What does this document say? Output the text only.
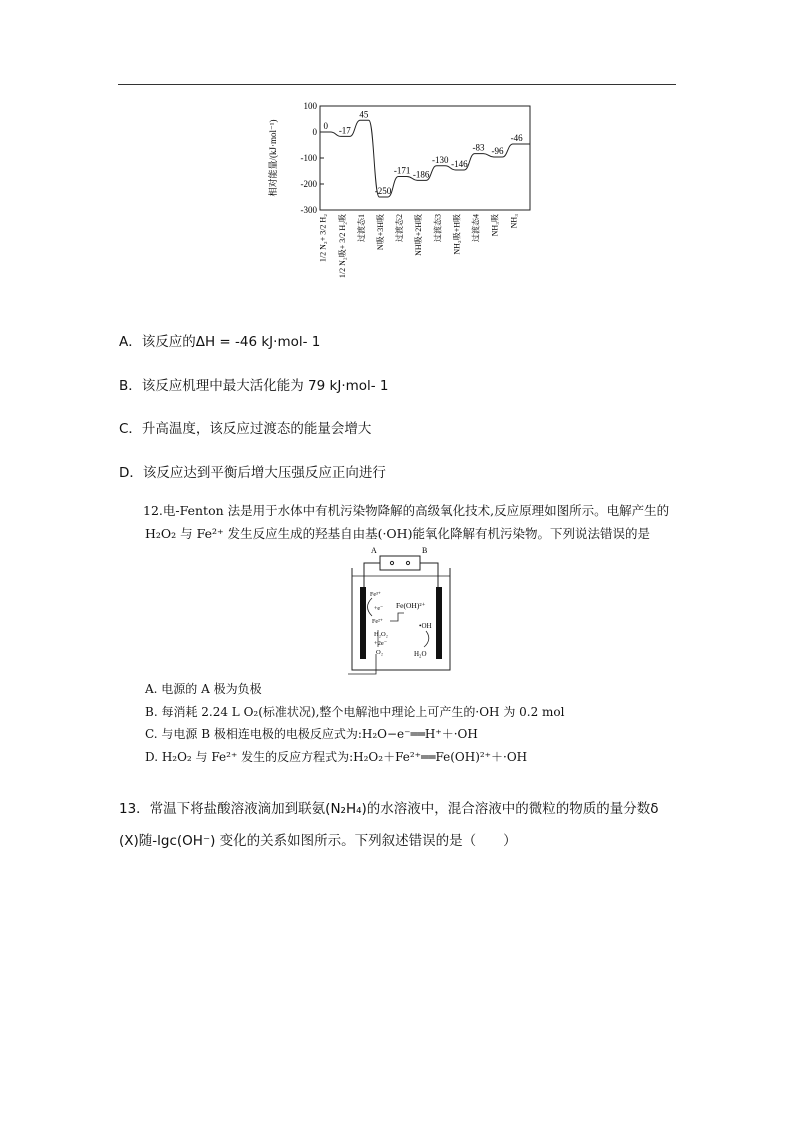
相对能量/(kJ·mol⁻¹)
100
0
-100
-200
-300
0 -17
45
-250
-171 -186
-130 -146
-83 -96
-46
1/2 N₂+ 3/2 H₂ 1/2 N₂吸+ 3/2 H₂吸 过渡态1 N吸+3H吸 过渡态2 NH吸+2H吸 过渡态3 NH₂吸+H吸 过渡态4 NH₃吸 NH₃
A．该反应的ΔH = -46 kJ·mol- 1
B．该反应机理中最大活化能为 79 kJ·mol- 1
C．升高温度，该反应过渡态的能量会增大
D．该反应达到平衡后增大压强反应正向进行
12.电-Fenton 法是用于水体中有机污染物降解的高级氧化技术,反应原理如图所示。电解产生的
H₂O₂ 与 Fe²⁺ 发生反应生成的羟基自由基(·OH)能氧化降解有机污染物。下列说法错误的是
A	B
Fe³⁺
+e⁻
Fe²⁺
Fe(OH)²⁺
•OH
H₂O₂
+2e⁻
O₂	H₂O
A. 电源的 A 极为负极
B. 每消耗 2.24 L O₂(标准状况),整个电解池中理论上可产生的·OH 为 0.2 mol
C. 与电源 B 极相连电极的电极反应式为:H₂O−e⁻══H⁺＋·OH
D. H₂O₂ 与 Fe²⁺ 发生的反应方程式为:H₂O₂＋Fe²⁺══Fe(OH)²⁺＋·OH
13．常温下将盐酸溶液滴加到联氨(N₂H₄)的水溶液中，混合溶液中的微粒的物质的量分数δ
(X)随-lgc(OH⁻) 变化的关系如图所示。下列叙述错误的是（　　）
